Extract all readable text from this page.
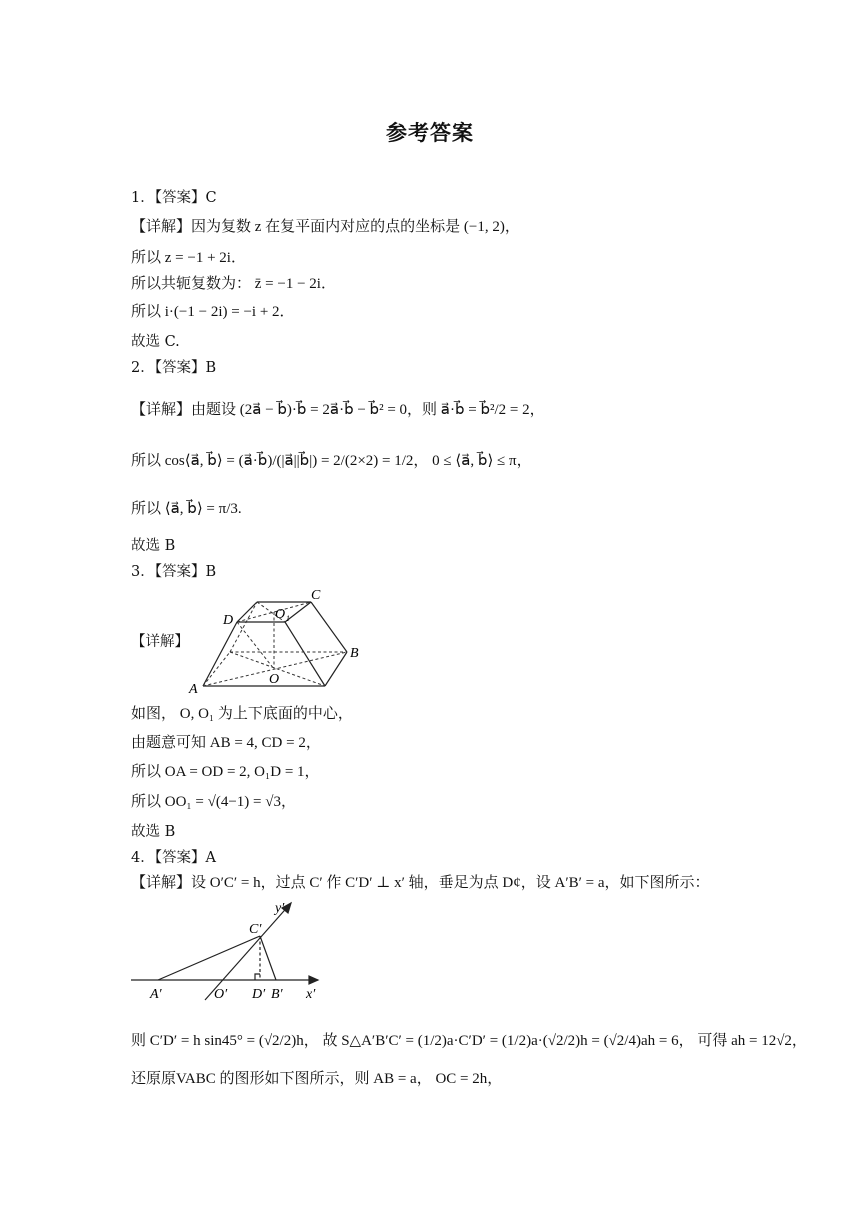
参考答案
1．【答案】C
【详解】因为复数 z 在复平面内对应的点的坐标是 (−1, 2)，
所以 z = −1 + 2i．
所以共轭复数为： z̄ = −1 − 2i．
所以 i·(−1 − 2i) = −i + 2．
故选 C.
2．【答案】B
【详解】由题设 (2a⃗ − b⃗)·b⃗ = 2a⃗·b⃗ − b⃗² = 0，则 a⃗·b⃗ = b⃗²/2 = 2，
所以 cos⟨a⃗, b⃗⟩ = (a⃗·b⃗)/(|a⃗||b⃗|) = 2/(2×2) = 1/2， 0 ≤ ⟨a⃗, b⃗⟩ ≤ π，
所以 ⟨a⃗, b⃗⟩ = π/3.
故选 B
3．【答案】B
【详解】
A
B
C
D
O
O₁
如图， O, O₁ 为上下底面的中心，
由题意可知 AB = 4, CD = 2，
所以 OA = OD = 2, O₁D = 1，
所以 OO₁ = √(4−1) = √3，
故选 B
4．【答案】A
【详解】设 O′C′ = h，过点 C′ 作 C′D′ ⊥ x′ 轴，垂足为点 D¢，设 A′B′ = a，如下图所示：
A′	O′ D′ B′
C′
x′
y′
则 C′D′ = h sin45° = (√2/2)h， 故 S△A′B′C′ = (1/2)a·C′D′ = (1/2)a·(√2/2)h = (√2/4)ah = 6， 可得 ah = 12√2，
还原原VABC 的图形如下图所示，则 AB = a， OC = 2h，
